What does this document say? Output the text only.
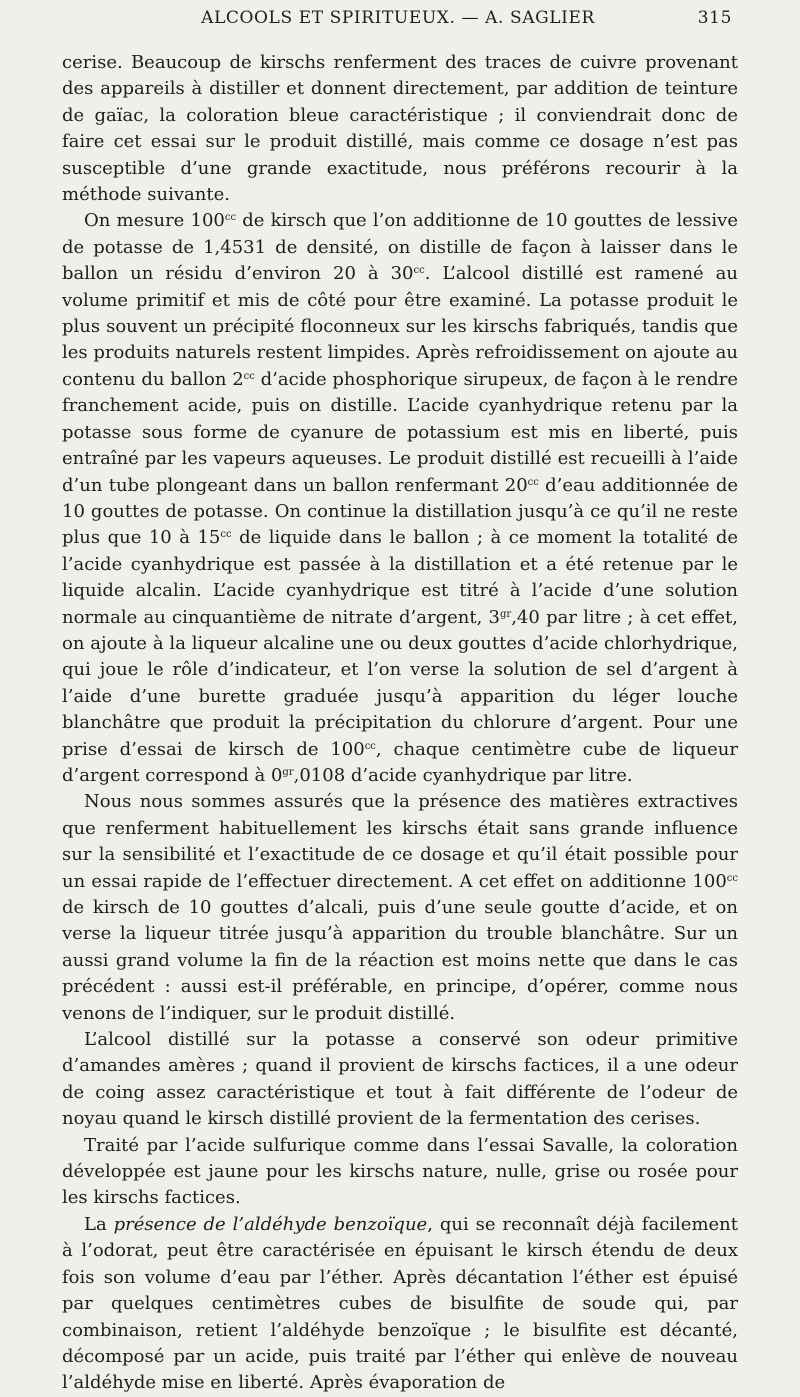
ALCOOLS ET SPIRITUEUX. — A. SAGLIER	315

cerise. Beaucoup de kirschs renferment des traces de cuivre provenant des appareils à distiller et donnent directement, par addition de teinture de gaïac, la coloration bleue caractéristique ; il conviendrait donc de faire cet essai sur le produit distillé, mais comme ce dosage n’est pas susceptible d’une grande exactitude, nous préférons recourir à la méthode suivante.

On mesure $100^{cc}$ de kirsch que l’on additionne de 10 gouttes de lessive de potasse de 1,4531 de densité, on distille de façon à laisser dans le ballon un résidu d’environ 20 à $30^{cc}$. L’alcool distillé est ramené au volume primitif et mis de côté pour être examiné. La potasse produit le plus souvent un précipité floconneux sur les kirschs fabriqués, tandis que les produits naturels restent limpides. Après refroidissement on ajoute au contenu du ballon $2^{cc}$ d’acide phosphorique sirupeux, de façon à le rendre franchement acide, puis on distille. L’acide cyanhydrique retenu par la potasse sous forme de cyanure de potassium est mis en liberté, puis entraîné par les vapeurs aqueuses. Le produit distillé est recueilli à l’aide d’un tube plongeant dans un ballon renfermant $20^{cc}$ d’eau additionnée de 10 gouttes de potasse. On continue la distillation jusqu’à ce qu’il ne reste plus que 10 à $15^{cc}$ de liquide dans le ballon ; à ce moment la totalité de l’acide cyanhydrique est passée à la distillation et a été retenue par le liquide alcalin. L’acide cyanhydrique est titré à l’acide d’une solution normale au cinquantième de nitrate d’argent, $3^{gr},40$ par litre ; à cet effet, on ajoute à la liqueur alcaline une ou deux gouttes d’acide chlorhydrique, qui joue le rôle d’indicateur, et l’on verse la solution de sel d’argent à l’aide d’une burette graduée jusqu’à apparition du léger louche blanchâtre que produit la précipitation du chlorure d’argent. Pour une prise d’essai de kirsch de $100^{cc}$, chaque centimètre cube de liqueur d’argent correspond à $0^{gr},0108$ d’acide cyanhydrique par litre.

Nous nous sommes assurés que la présence des matières extractives que renferment habituellement les kirschs était sans grande influence sur la sensibilité et l’exactitude de ce dosage et qu’il était possible pour un essai rapide de l’effectuer directement. A cet effet on additionne $100^{cc}$ de kirsch de 10 gouttes d’alcali, puis d’une seule goutte d’acide, et on verse la liqueur titrée jusqu’à apparition du trouble blanchâtre. Sur un aussi grand volume la fin de la réaction est moins nette que dans le cas précédent : aussi est-il préférable, en principe, d’opérer, comme nous venons de l’indiquer, sur le produit distillé.

L’alcool distillé sur la potasse a conservé son odeur primitive d’amandes amères ; quand il provient de kirschs factices, il a une odeur de coing assez caractéristique et tout à fait différente de l’odeur de noyau quand le kirsch distillé provient de la fermentation des cerises.

Traité par l’acide sulfurique comme dans l’essai Savalle, la coloration développée est jaune pour les kirschs nature, nulle, grise ou rosée pour les kirschs factices.

La présence de l’aldéhyde benzoïque, qui se reconnaît déjà facilement à l’odorat, peut être caractérisée en épuisant le kirsch étendu de deux fois son volume d’eau par l’éther. Après décantation l’éther est épuisé par quelques centimètres cubes de bisulfite de soude qui, par combinaison, retient l’aldéhyde benzoïque ; le bisulfite est décanté, décomposé par un acide, puis traité par l’éther qui enlève de nouveau l’aldéhyde mise en liberté. Après évaporation de
